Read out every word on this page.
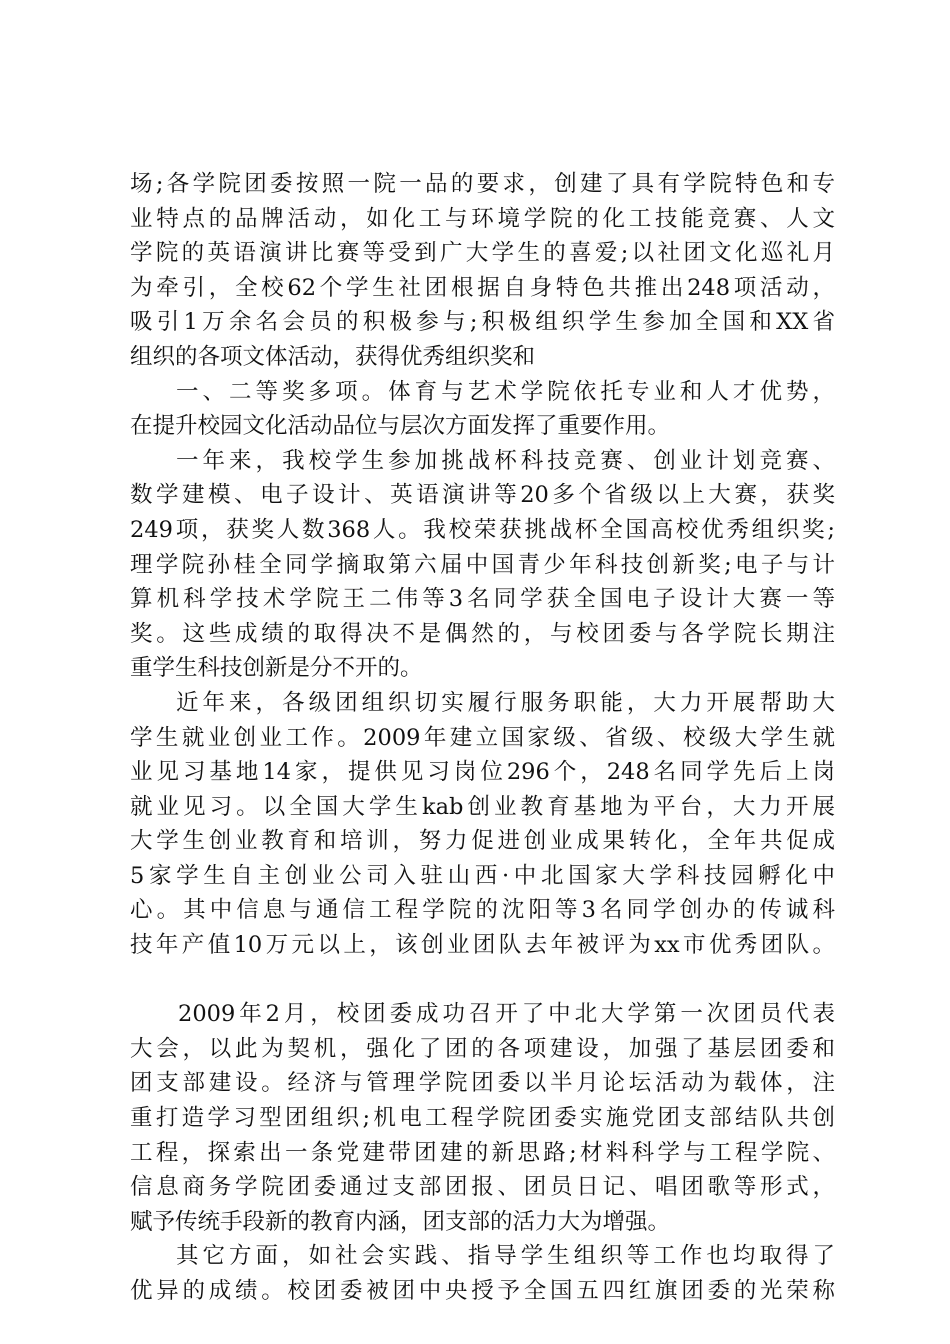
场;各学院团委按照一院一品的要求，创建了具有学院特色和专
业特点的品牌活动，如化工与环境学院的化工技能竞赛、人文
学院的英语演讲比赛等受到广大学生的喜爱;以社团文化巡礼月
为牵引，全校62个学生社团根据自身特色共推出248项活动，
吸引1万余名会员的积极参与;积极组织学生参加全国和XX省
组织的各项文体活动，获得优秀组织奖和
一、二等奖多项。体育与艺术学院依托专业和人才优势，
在提升校园文化活动品位与层次方面发挥了重要作用。
一年来，我校学生参加挑战杯科技竞赛、创业计划竞赛、
数学建模、电子设计、英语演讲等20多个省级以上大赛，获奖
249项，获奖人数368人。我校荣获挑战杯全国高校优秀组织奖;
理学院孙桂全同学摘取第六届中国青少年科技创新奖;电子与计
算机科学技术学院王二伟等3名同学获全国电子设计大赛一等
奖。这些成绩的取得决不是偶然的，与校团委与各学院长期注
重学生科技创新是分不开的。
近年来，各级团组织切实履行服务职能，大力开展帮助大
学生就业创业工作。2009年建立国家级、省级、校级大学生就
业见习基地14家，提供见习岗位296个，248名同学先后上岗
就业见习。以全国大学生kab创业教育基地为平台，大力开展
大学生创业教育和培训，努力促进创业成果转化，全年共促成
5家学生自主创业公司入驻山西·中北国家大学科技园孵化中
心。其中信息与通信工程学院的沈阳等3名同学创办的传诚科
技年产值10万元以上，该创业团队去年被评为xx市优秀团队。
2009年2月，校团委成功召开了中北大学第一次团员代表
大会，以此为契机，强化了团的各项建设，加强了基层团委和
团支部建设。经济与管理学院团委以半月论坛活动为载体，注
重打造学习型团组织;机电工程学院团委实施党团支部结队共创
工程，探索出一条党建带团建的新思路;材料科学与工程学院、
信息商务学院团委通过支部团报、团员日记、唱团歌等形式，
赋予传统手段新的教育内涵，团支部的活力大为增强。
其它方面，如社会实践、指导学生组织等工作也均取得了
优异的成绩。校团委被团中央授予全国五四红旗团委的光荣称
